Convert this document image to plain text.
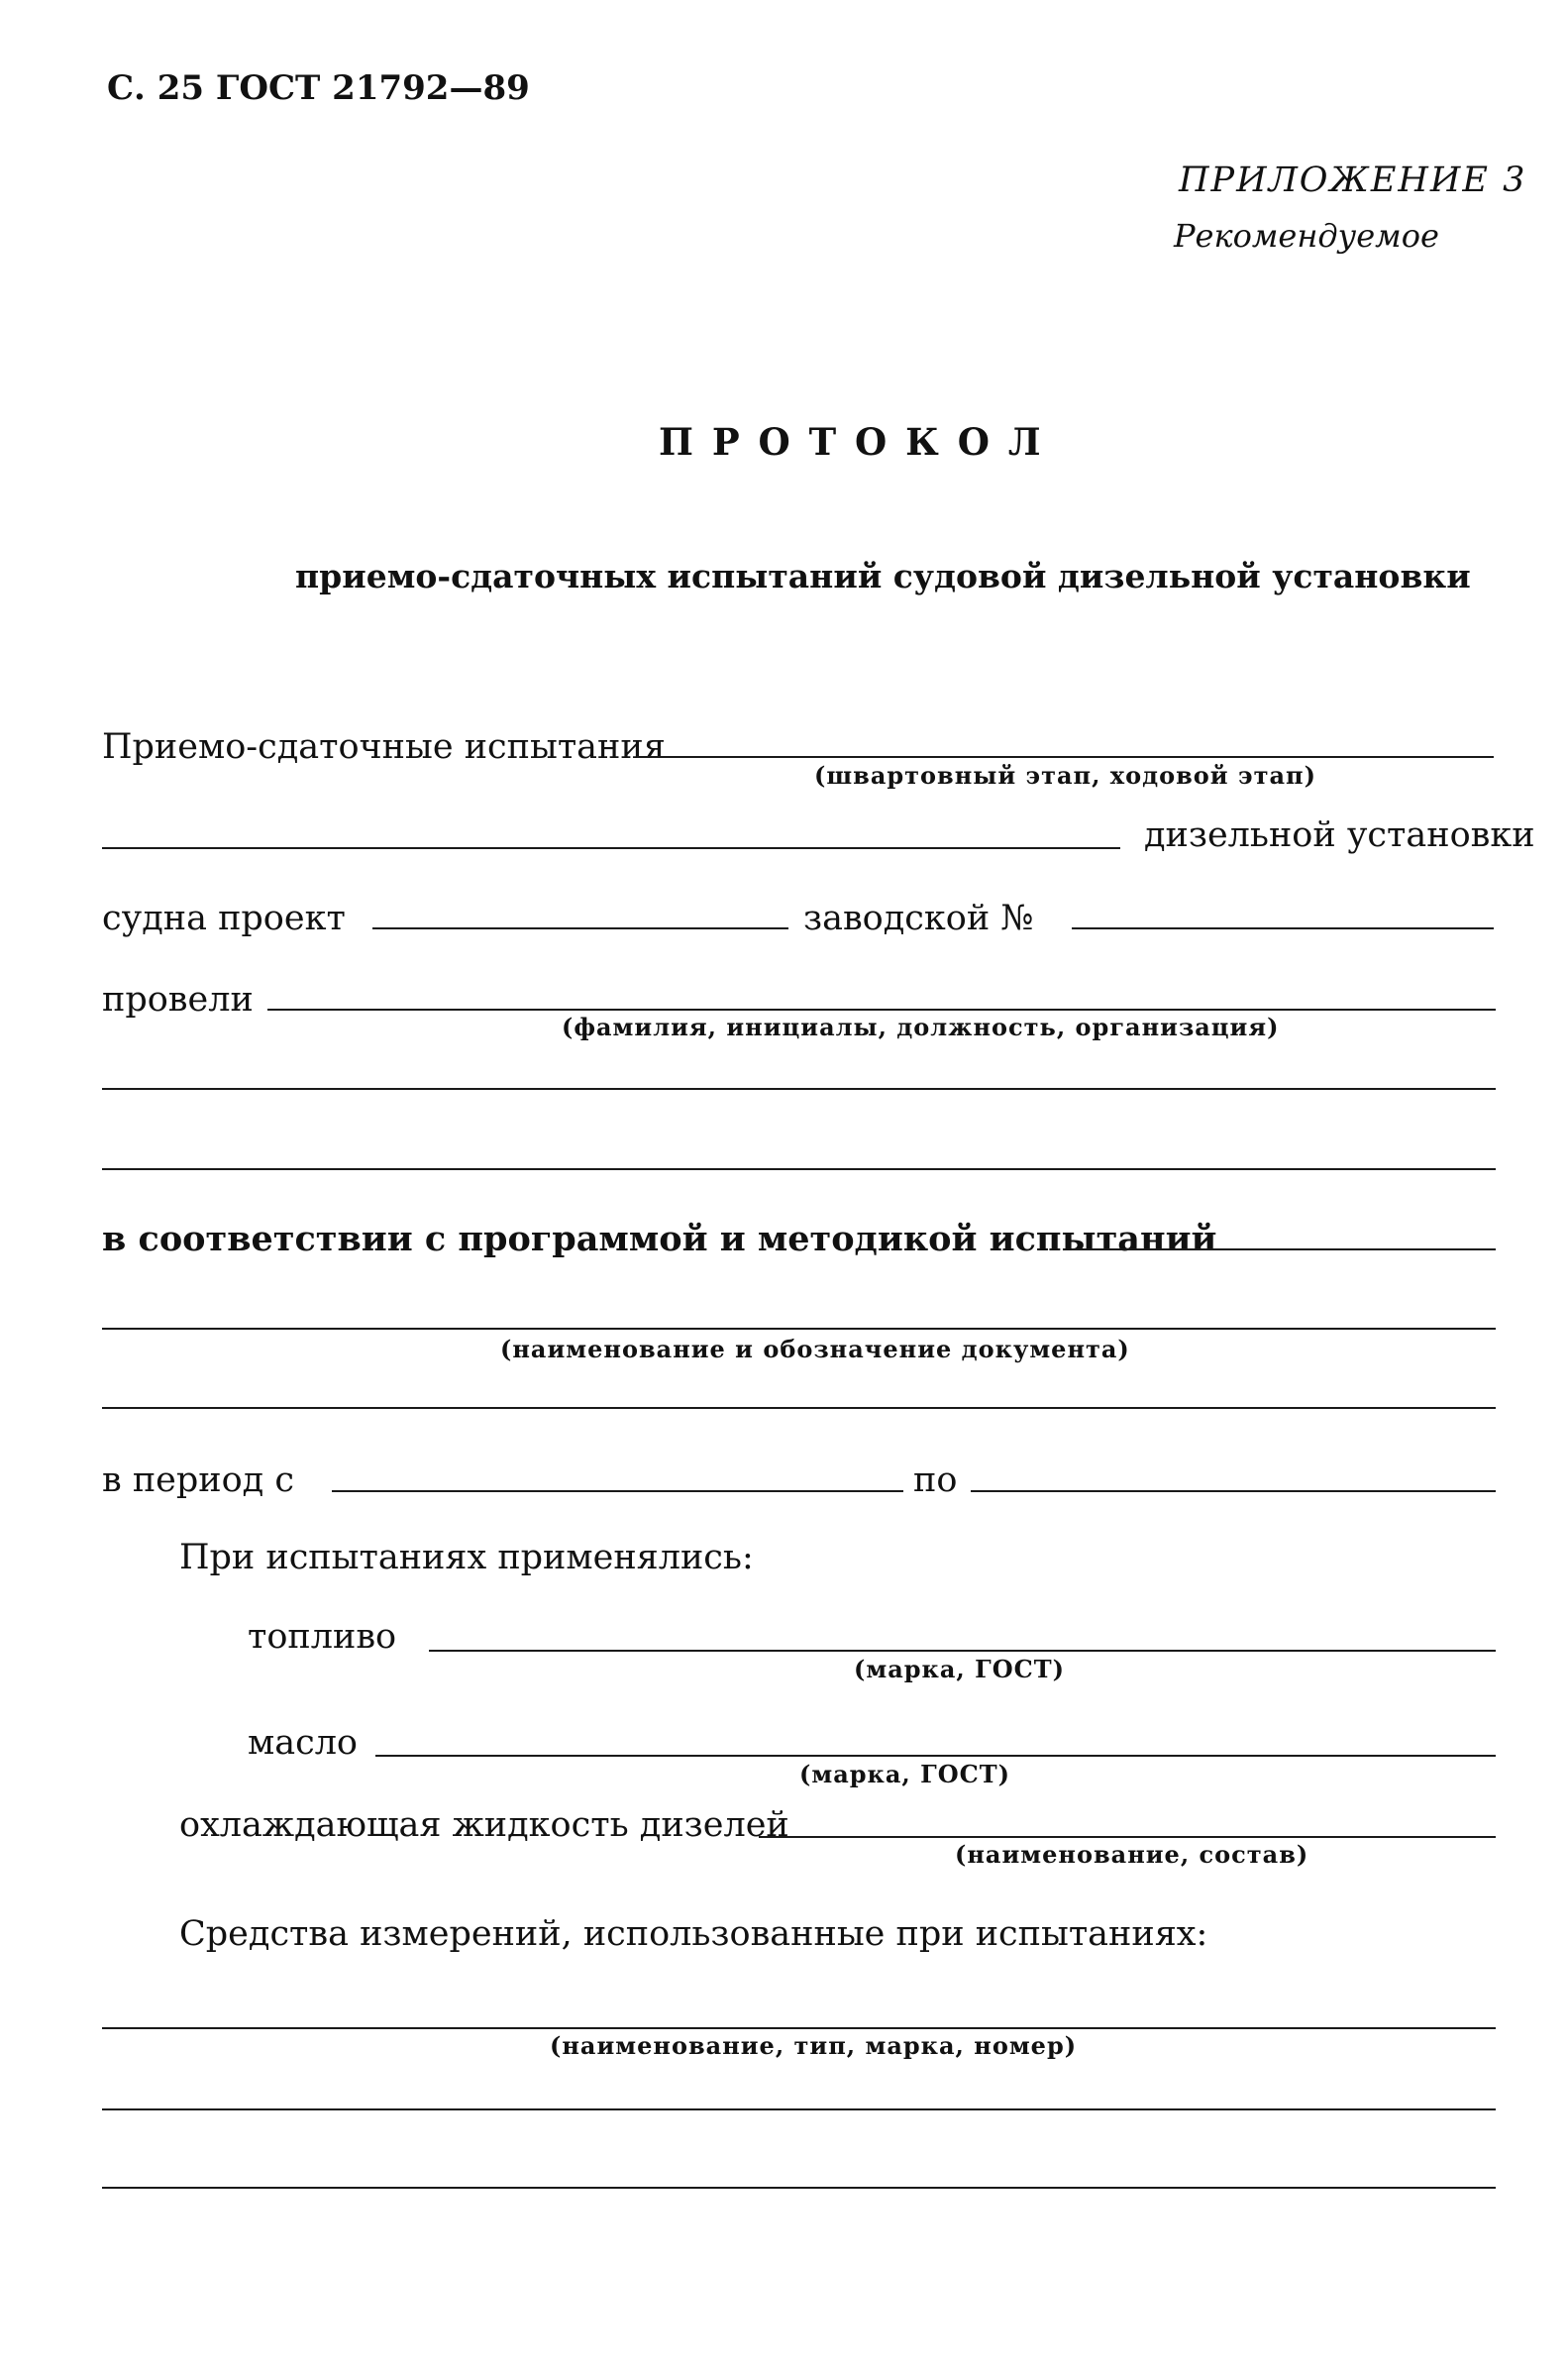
С. 25 ГОСТ 21792—89
ПРИЛОЖЕНИЕ 3
Рекомендуемое
П Р О Т О К О Л
приемо-сдаточных испытаний судовой дизельной установки
Приемо-сдаточные испытания
(швартовный этап, ходовой этап)
дизельной установки
судна проект	заводской №
провели
(фамилия, инициалы, должность, организация)
в соответствии с программой и методикой испытаний
(наименование и обозначение документа)
в период с	по
При испытаниях применялись:
топливо
(марка, ГОСТ)
масло
(марка, ГОСТ)
охлаждающая жидкость дизелей
(наименование, состав)
Средства измерений, использованные при испытаниях:
(наименование, тип, марка, номер)
